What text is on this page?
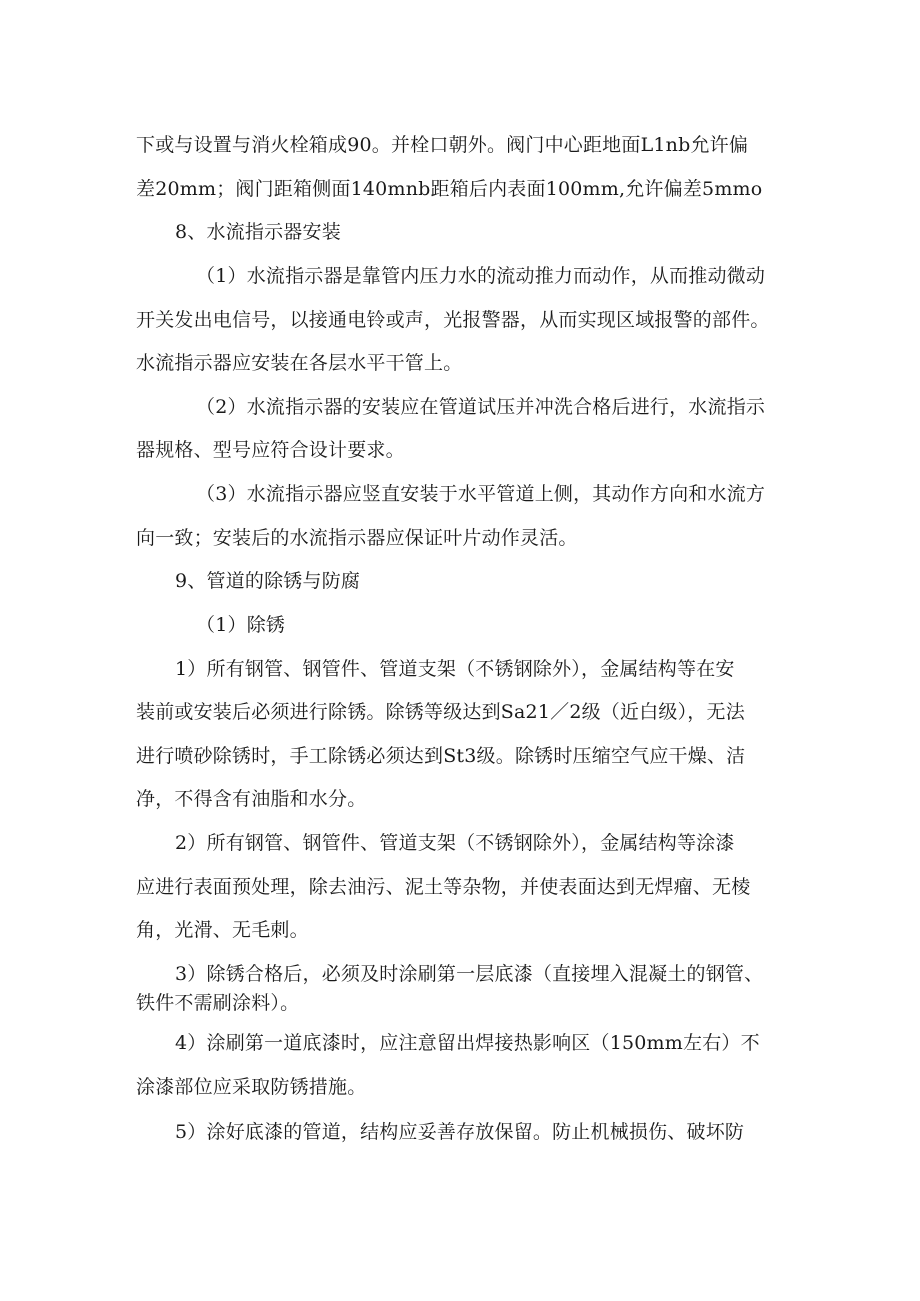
下或与设置与消火栓箱成90。并栓口朝外。阀门中心距地面L1nb允许偏
差20mm；阀门距箱侧面140mnb距箱后内表面100mm,允许偏差5mmo
8、水流指示器安装
（1）水流指示器是靠管内压力水的流动推力而动作，从而推动微动
开关发出电信号，以接通电铃或声，光报警器，从而实现区域报警的部件。
水流指示器应安装在各层水平干管上。
（2）水流指示器的安装应在管道试压并冲洗合格后进行，水流指示
器规格、型号应符合设计要求。
（3）水流指示器应竖直安装于水平管道上侧，其动作方向和水流方
向一致；安装后的水流指示器应保证叶片动作灵活。
9、管道的除锈与防腐
（1）除锈
1）所有钢管、钢管件、管道支架（不锈钢除外），金属结构等在安
装前或安装后必须进行除锈。除锈等级达到Sa21／2级（近白级），无法
进行喷砂除锈时，手工除锈必须达到St3级。除锈时压缩空气应干燥、洁
净，不得含有油脂和水分。
2）所有钢管、钢管件、管道支架（不锈钢除外），金属结构等涂漆
应进行表面预处理，除去油污、泥土等杂物，并使表面达到无焊瘤、无棱
角，光滑、无毛刺。
3）除锈合格后，必须及时涂刷第一层底漆（直接埋入混凝土的钢管、
铁件不需刷涂料）。
4）涂刷第一道底漆时，应注意留出焊接热影响区（150mm左右）不
涂漆部位应采取防锈措施。
5）涂好底漆的管道，结构应妥善存放保留。防止机械损伤、破坏防
